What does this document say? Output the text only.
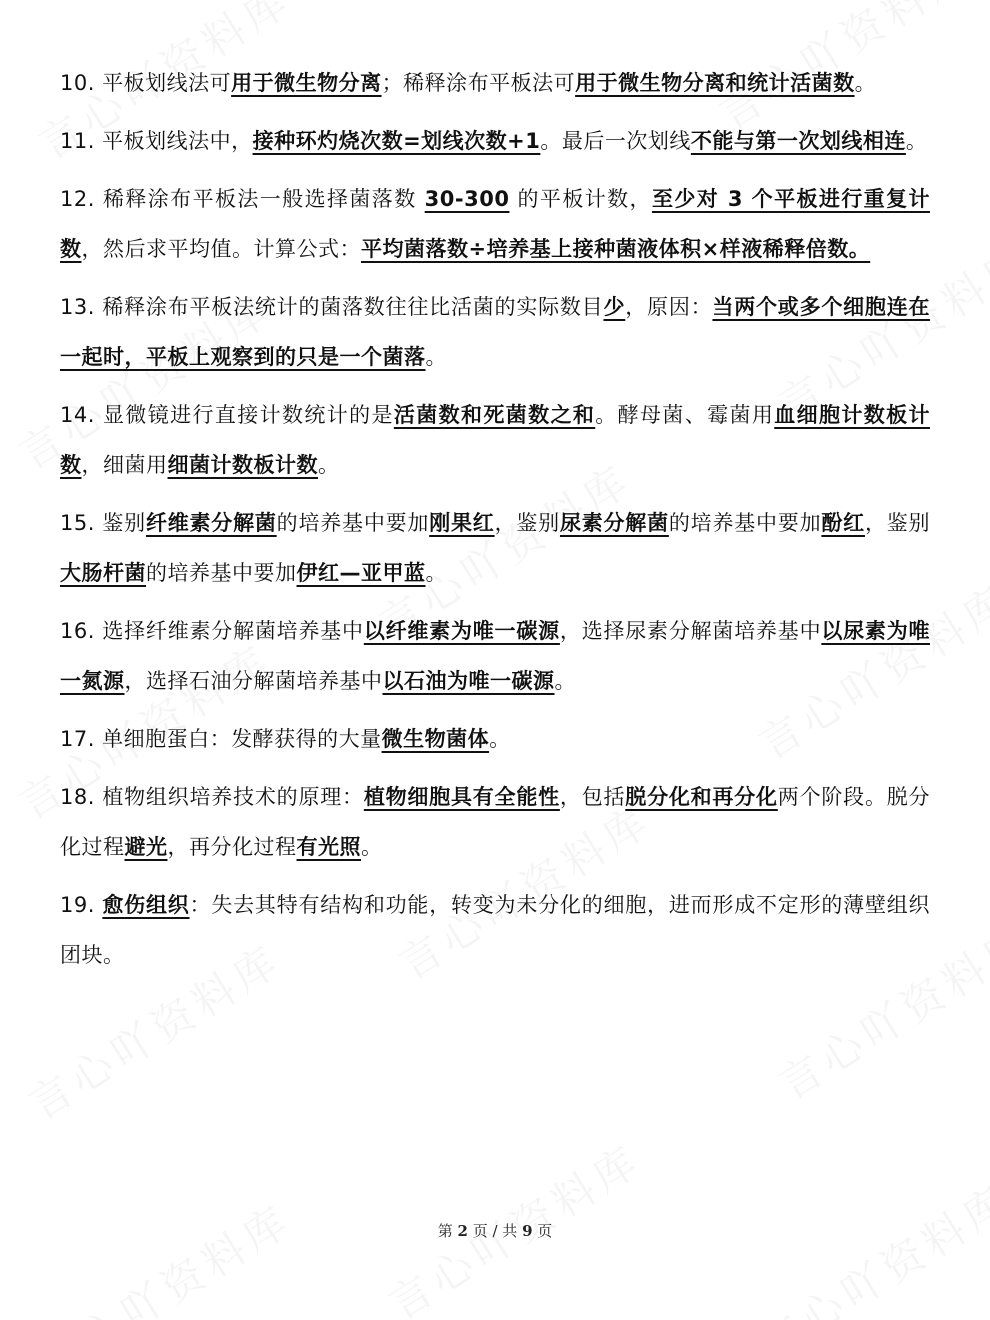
10. 平板划线法可用于微生物分离；稀释涂布平板法可用于微生物分离和统计活菌数。

11. 平板划线法中，接种环灼烧次数=划线次数+1。最后一次划线不能与第一次划线相连。

12. 稀释涂布平板法一般选择菌落数 30-300 的平板计数，至少对 3 个平板进行重复计数，然后求平均值。计算公式：平均菌落数÷培养基上接种菌液体积×样液稀释倍数。

13. 稀释涂布平板法统计的菌落数往往比活菌的实际数目少，原因：当两个或多个细胞连在一起时，平板上观察到的只是一个菌落。

14. 显微镜进行直接计数统计的是活菌数和死菌数之和。酵母菌、霉菌用血细胞计数板计数，细菌用细菌计数板计数。

15. 鉴别纤维素分解菌的培养基中要加刚果红，鉴别尿素分解菌的培养基中要加酚红，鉴别大肠杆菌的培养基中要加伊红—亚甲蓝。

16. 选择纤维素分解菌培养基中以纤维素为唯一碳源，选择尿素分解菌培养基中以尿素为唯一氮源，选择石油分解菌培养基中以石油为唯一碳源。

17. 单细胞蛋白：发酵获得的大量微生物菌体。

18. 植物组织培养技术的原理：植物细胞具有全能性，包括脱分化和再分化两个阶段。脱分化过程避光，再分化过程有光照。

19. 愈伤组织：失去其特有结构和功能，转变为未分化的细胞，进而形成不定形的薄壁组织团块。

第 2 页 / 共 9 页
